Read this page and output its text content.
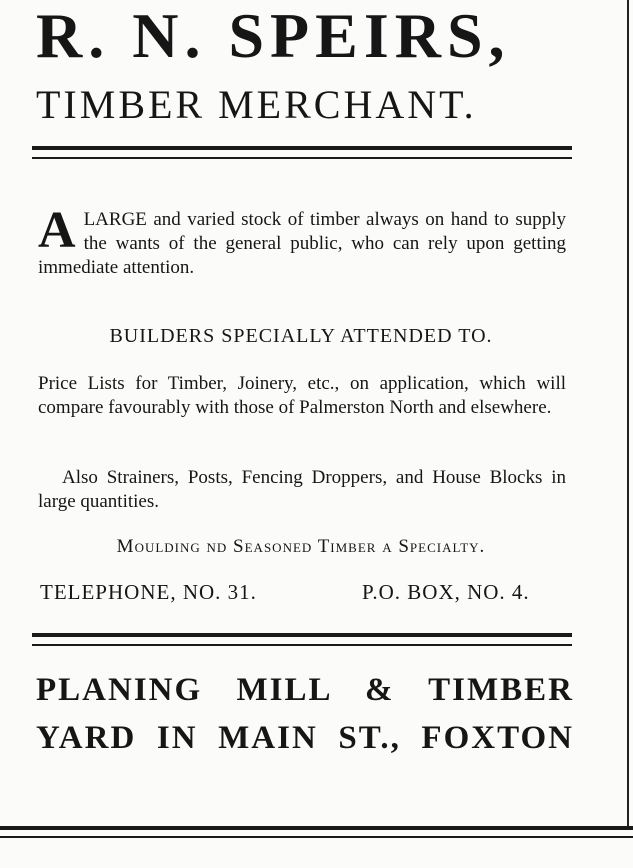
R. N. SPEIRS,
TIMBER MERCHANT.
A LARGE and varied stock of timber always on hand to supply the wants of the general public, who can rely upon getting immediate attention.
BUILDERS SPECIALLY ATTENDED TO.
Price Lists for Timber, Joinery, etc., on application, which will compare favourably with those of Palmerston North and elsewhere.
Also Strainers, Posts, Fencing Droppers, and House Blocks in large quantities.
Moulding nd Seasoned Timber a Specialty.
TELEPHONE, NO. 31.	P.O. BOX, NO. 4.
PLANING MILL & TIMBER
YARD IN MAIN ST., FOXTON
